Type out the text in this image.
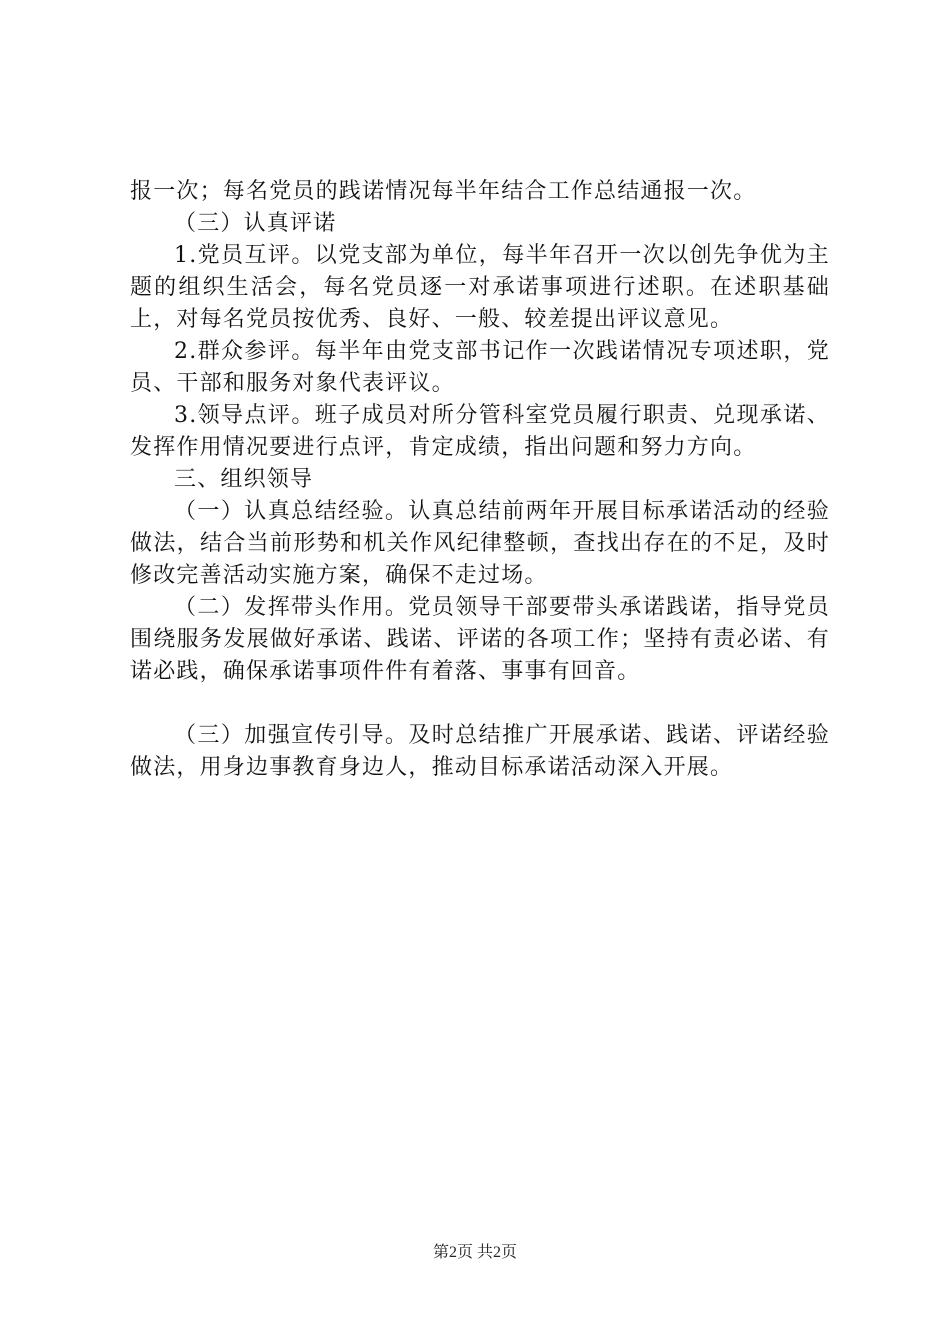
报一次；每名党员的践诺情况每半年结合工作总结通报一次。

（三）认真评诺

1.党员互评。以党支部为单位，每半年召开一次以创先争优为主题的组织生活会，每名党员逐一对承诺事项进行述职。在述职基础上，对每名党员按优秀、良好、一般、较差提出评议意见。

2.群众参评。每半年由党支部书记作一次践诺情况专项述职，党员、干部和服务对象代表评议。

3.领导点评。班子成员对所分管科室党员履行职责、兑现承诺、发挥作用情况要进行点评，肯定成绩，指出问题和努力方向。

三、组织领导

（一）认真总结经验。认真总结前两年开展目标承诺活动的经验做法，结合当前形势和机关作风纪律整顿，查找出存在的不足，及时修改完善活动实施方案，确保不走过场。

（二）发挥带头作用。党员领导干部要带头承诺践诺，指导党员围绕服务发展做好承诺、践诺、评诺的各项工作；坚持有责必诺、有诺必践，确保承诺事项件件有着落、事事有回音。

（三）加强宣传引导。及时总结推广开展承诺、践诺、评诺经验做法，用身边事教育身边人，推动目标承诺活动深入开展。

第2页 共2页
